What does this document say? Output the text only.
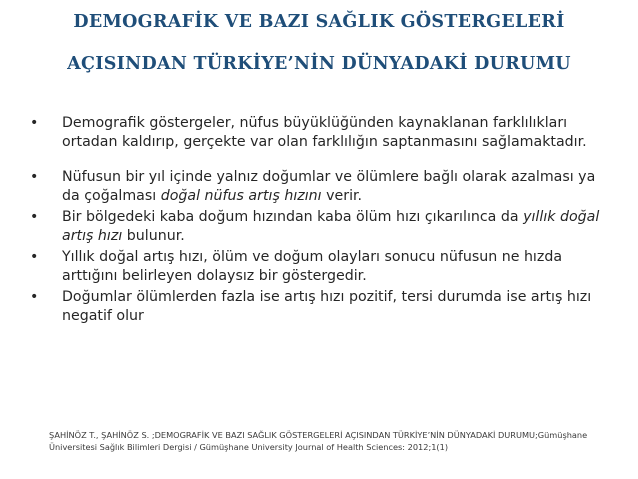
DEMOGRAFİK VE BAZI SAĞLIK GÖSTERGELERİ
AÇISINDAN TÜRKİYE’NİN DÜNYADAKİ DURUMU
• Demografik göstergeler, nüfus büyüklüğünden kaynaklanan farklılıkları ortadan kaldırıp, gerçekte var olan farklılığın saptanmasını sağlamaktadır.
• Nüfusun bir yıl içinde yalnız doğumlar ve ölümlere bağlı olarak azalması ya da çoğalması doğal nüfus artış hızını verir.
• Bir bölgedeki kaba doğum hızından kaba ölüm hızı çıkarılınca da yıllık doğal artış hızı bulunur.
• Yıllık doğal artış hızı, ölüm ve doğum olayları sonucu nüfusun ne hızda arttığını belirleyen dolaysız bir göstergedir.
• Doğumlar ölümlerden fazla ise artış hızı pozitif, tersi durumda ise artış hızı negatif olur
ŞAHİNÖZ T., ŞAHİNÖZ S. ;DEMOGRAFİK VE BAZI SAĞLIK GÖSTERGELERİ AÇISINDAN TÜRKİYE’NİN DÜNYADAKİ DURUMU;Gümüşhane Üniversitesi Sağlık Bilimleri Dergisi / Gümüşhane University Journal of Health Sciences: 2012;1(1)
